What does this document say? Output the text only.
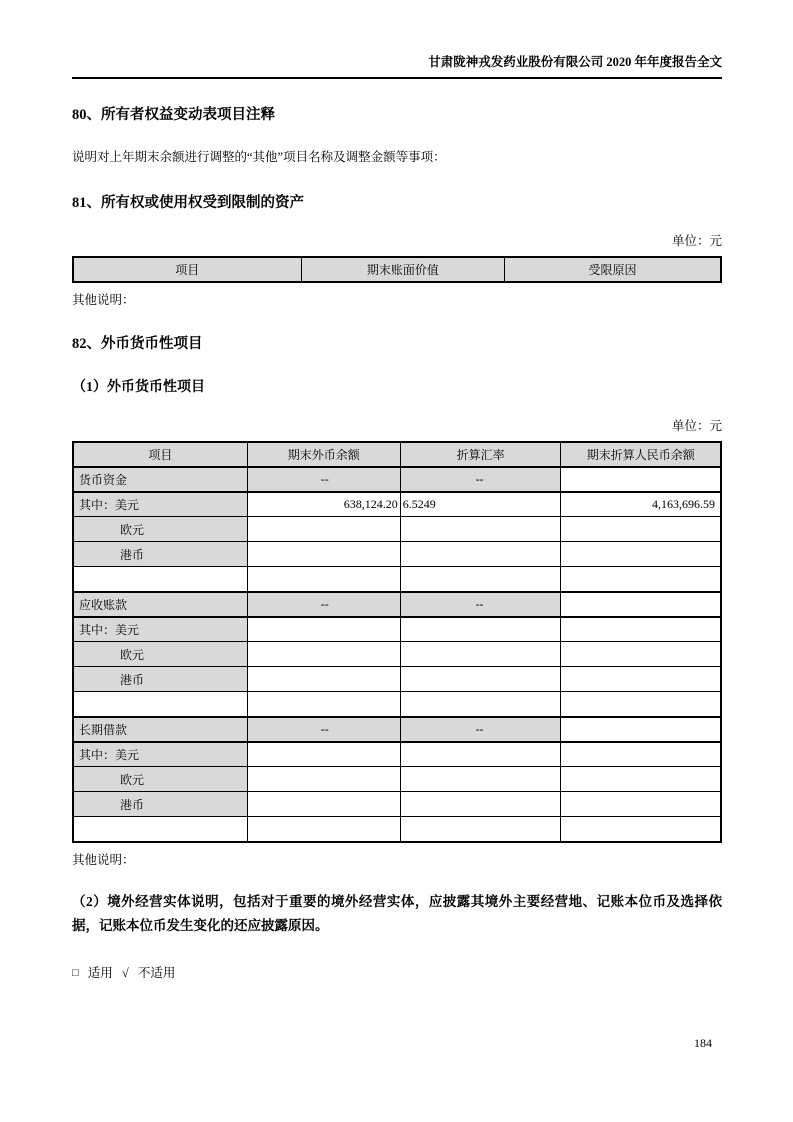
甘肃陇神戎发药业股份有限公司 2020 年年度报告全文
80、所有者权益变动表项目注释
说明对上年期末余额进行调整的“其他”项目名称及调整金额等事项：
81、所有权或使用权受到限制的资产
单位：元
项目	期末账面价值	受限原因
其他说明：
82、外币货币性项目
（1）外币货币性项目
单位：元
项目	期末外币余额	折算汇率	期末折算人民币余额
货币资金	--	--	
其中：美元	638,124.20	6.5249	4,163,696.59
欧元			
港币			

应收账款	--	--	
其中：美元			
欧元			
港币			

长期借款	--	--	
其中：美元			
欧元			
港币			

其他说明：
（2）境外经营实体说明，包括对于重要的境外经营实体，应披露其境外主要经营地、记账本位币及选择依据，记账本位币发生变化的还应披露原因。
□ 适用 √ 不适用
184
